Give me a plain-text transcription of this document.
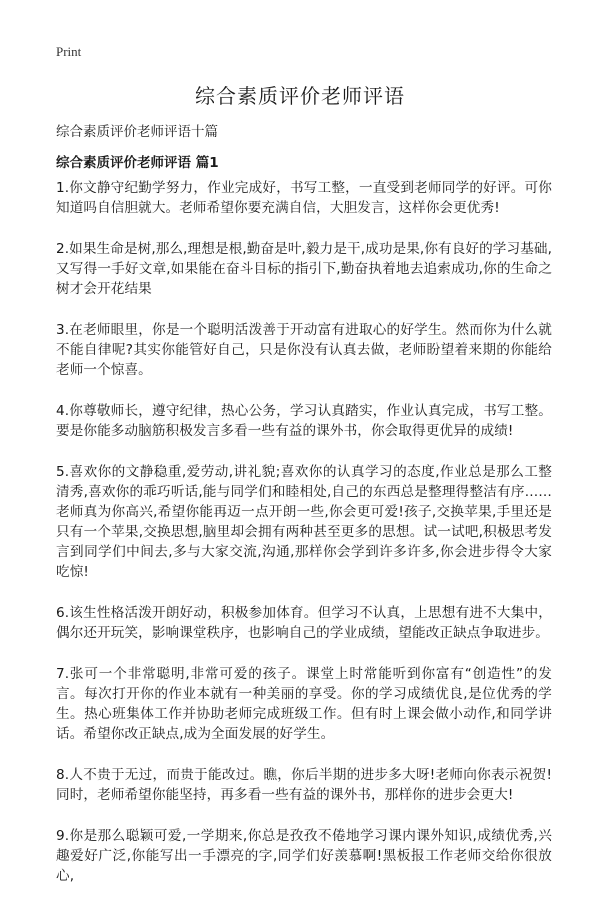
Print
综合素质评价老师评语

综合素质评价老师评语十篇

综合素质评价老师评语 篇1

1.你文静守纪勤学努力，作业完成好，书写工整，一直受到老师同学的好评。可你知道吗自信胆就大。老师希望你要充满自信，大胆发言，这样你会更优秀!

2.如果生命是树,那么,理想是根,勤奋是叶,毅力是干,成功是果,你有良好的学习基础,又写得一手好文章,如果能在奋斗目标的指引下,勤奋执着地去追索成功,你的生命之树才会开花结果

3.在老师眼里，你是一个聪明活泼善于开动富有进取心的好学生。然而你为什么就不能自律呢?其实你能管好自己，只是你没有认真去做，老师盼望着来期的你能给老师一个惊喜。

4.你尊敬师长，遵守纪律，热心公务，学习认真踏实，作业认真完成，书写工整。要是你能多动脑筋积极发言多看一些有益的课外书，你会取得更优异的成绩!

5.喜欢你的文静稳重,爱劳动,讲礼貌;喜欢你的认真学习的态度,作业总是那么工整清秀,喜欢你的乖巧听话,能与同学们和睦相处,自己的东西总是整理得整洁有序……老师真为你高兴,希望你能再迈一点开朗一些,你会更可爱!孩子,交换苹果,手里还是只有一个苹果,交换思想,脑里却会拥有两种甚至更多的思想。试一试吧,积极思考发言到同学们中间去,多与大家交流,沟通,那样你会学到许多许多,你会进步得令大家吃惊!

6.该生性格活泼开朗好动，积极参加体育。但学习不认真，上思想有进不大集中，偶尔还开玩笑，影响课堂秩序，也影响自己的学业成绩，望能改正缺点争取进步。

7.张可一个非常聪明,非常可爱的孩子。课堂上时常能听到你富有“创造性”的发言。每次打开你的作业本就有一种美丽的享受。你的学习成绩优良,是位优秀的学生。热心班集体工作并协助老师完成班级工作。但有时上课会做小动作,和同学讲话。希望你改正缺点,成为全面发展的好学生。

8.人不贵于无过，而贵于能改过。瞧，你后半期的进步多大呀!老师向你表示祝贺!同时，老师希望你能坚持，再多看一些有益的课外书，那样你的进步会更大!

9.你是那么聪颖可爱,一学期来,你总是孜孜不倦地学习课内课外知识,成绩优秀,兴趣爱好广泛,你能写出一手漂亮的字,同学们好羡慕啊!黑板报工作老师交给你很放心,
